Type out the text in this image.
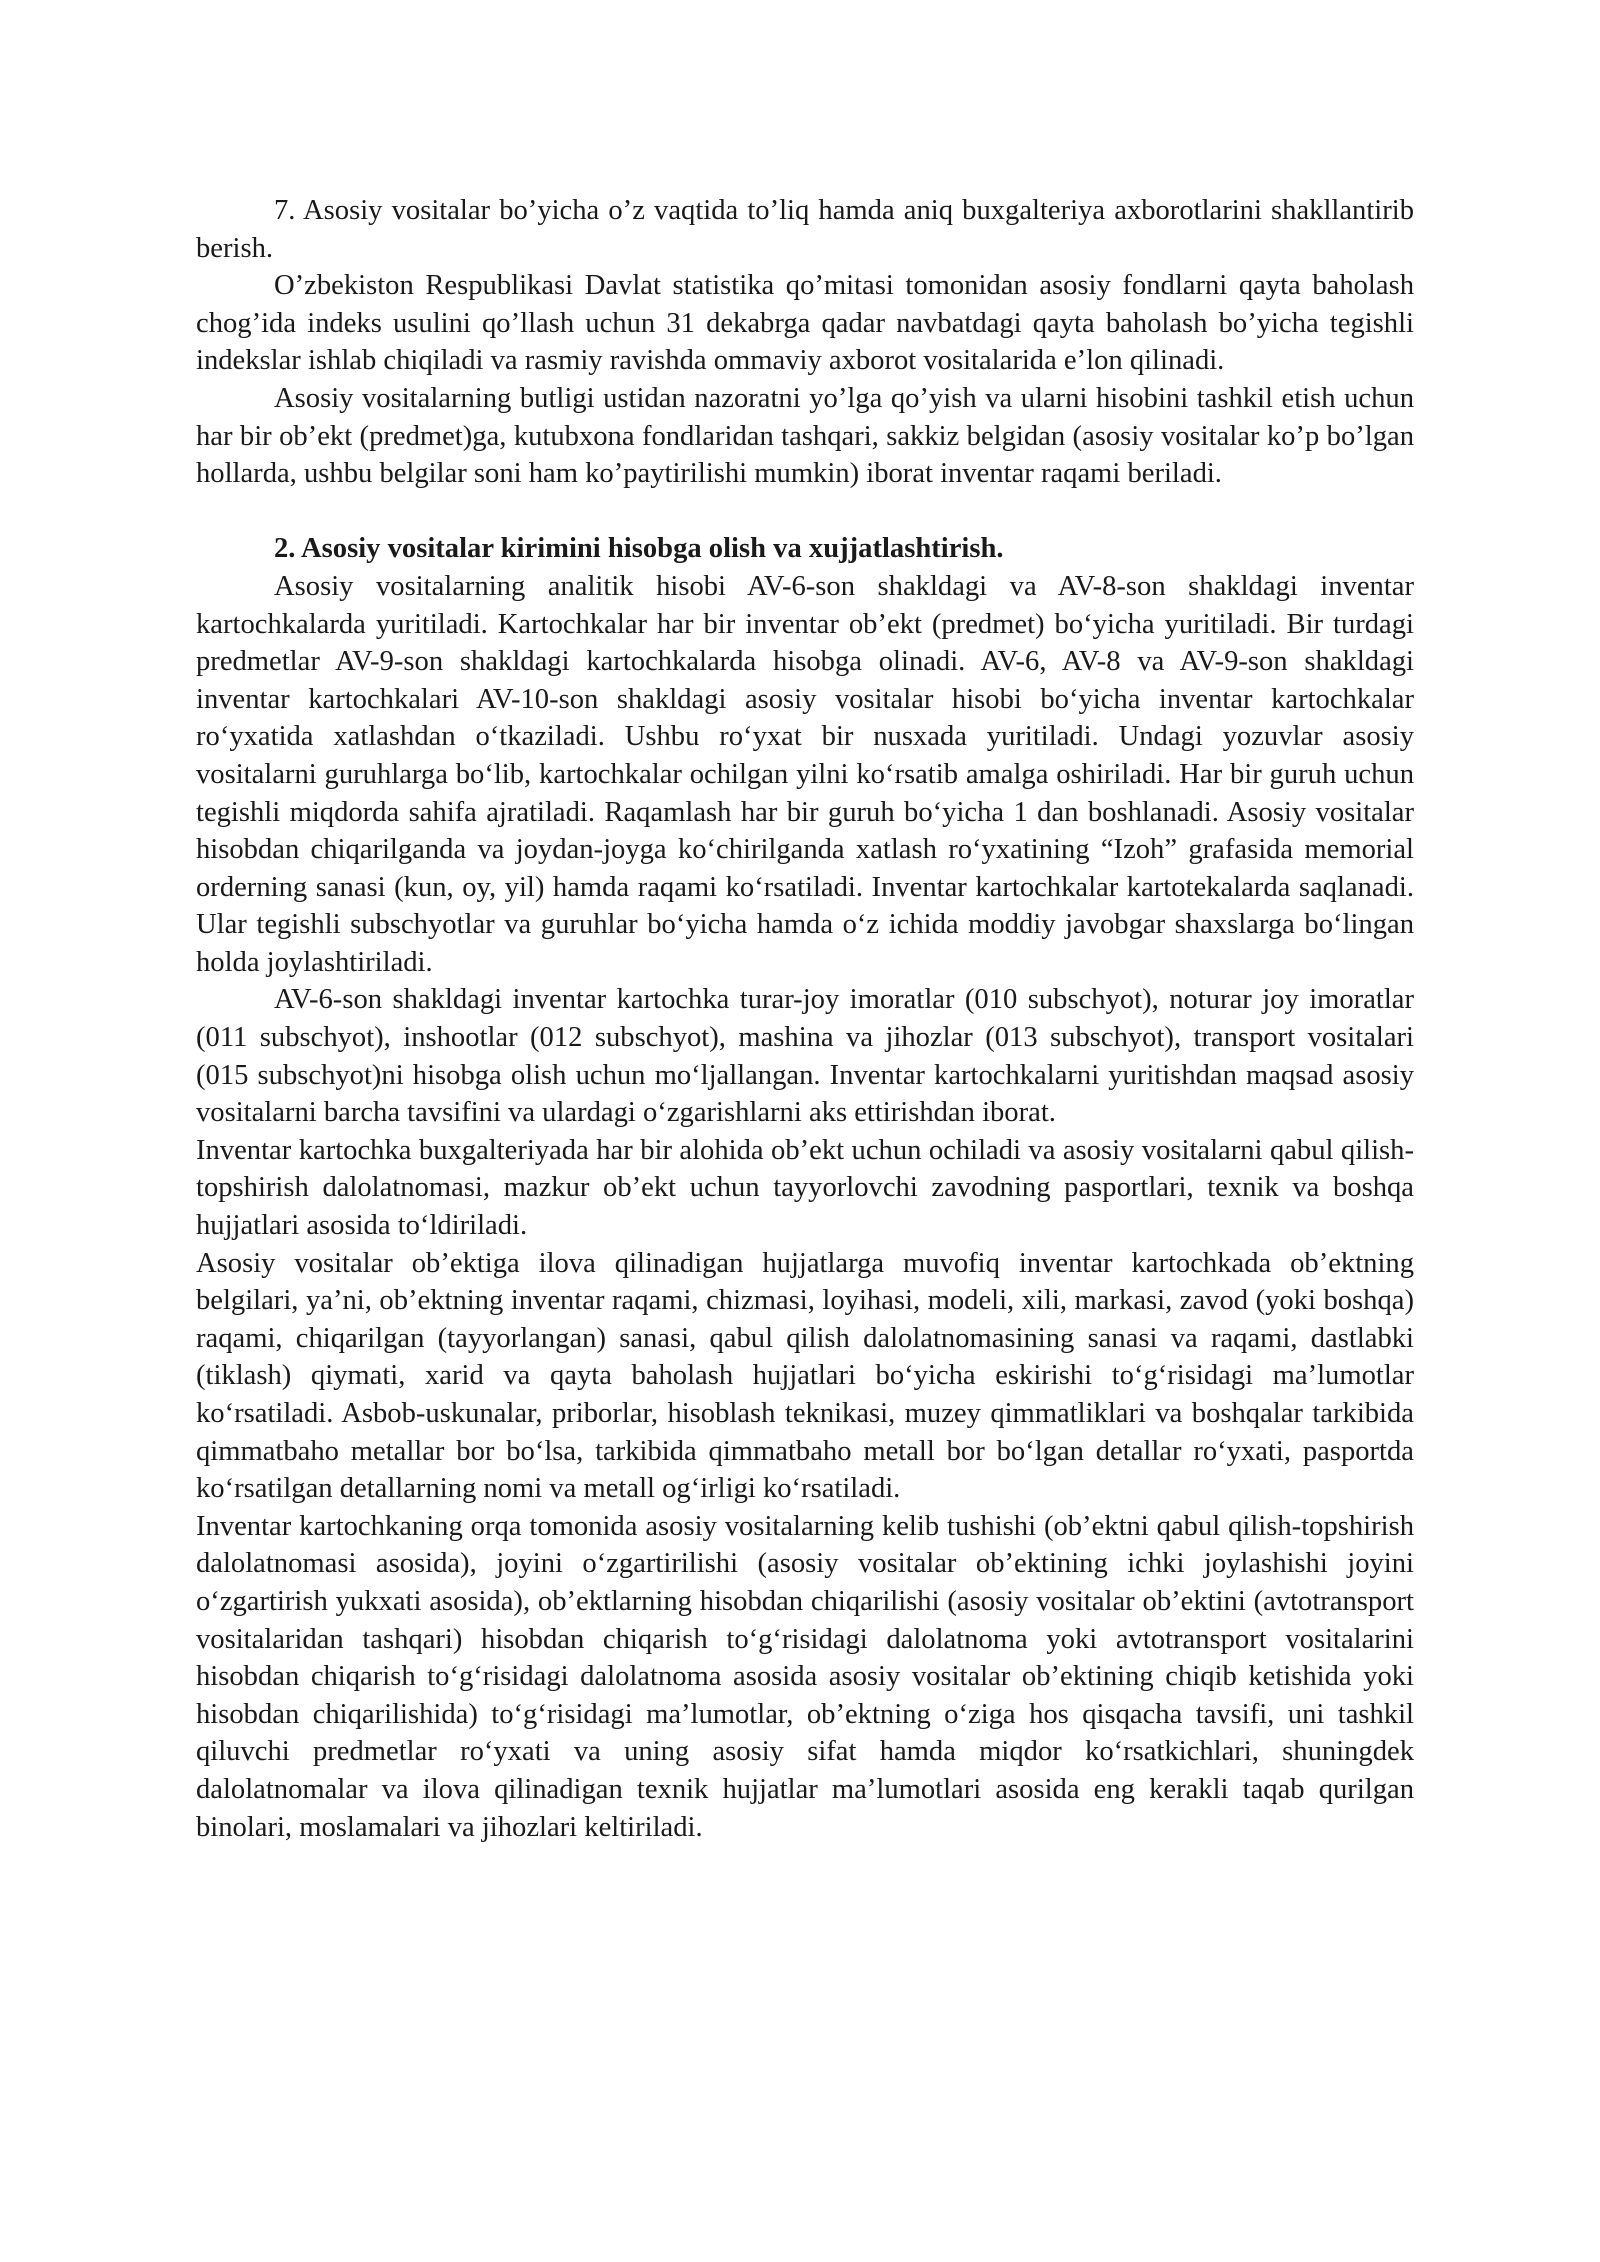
7. Asosiy vositalar bo’yicha o’z vaqtida to’liq hamda aniq buxgalteriya axborotlarini shakllantirib berish.

O’zbekiston Respublikasi Davlat statistika qo’mitasi tomonidan asosiy fondlarni qayta baholash chog’ida indeks usulini qo’llash uchun 31 dekabrga qadar navbatdagi qayta baholash bo’yicha tegishli indekslar ishlab chiqiladi va rasmiy ravishda ommaviy axborot vositalarida e’lon qilinadi.

Asosiy vositalarning butligi ustidan nazoratni yo’lga qo’yish va ularni hisobini tashkil etish uchun har bir ob’ekt (predmet)ga, kutubxona fondlaridan tashqari, sakkiz belgidan (asosiy vositalar ko’p bo’lgan hollarda, ushbu belgilar soni ham ko’paytirilishi mumkin) iborat inventar raqami beriladi.

2. Asosiy vositalar kirimini hisobga olish va xujjatlashtirish.

Asosiy vositalarning analitik hisobi AV-6-son shakldagi va AV-8-son shakldagi inventar kartochkalarda yuritiladi. Kartochkalar har bir inventar ob’ekt (predmet) bo‘yicha yuritiladi. Bir turdagi predmetlar AV-9-son shakldagi kartochkalarda hisobga olinadi. AV-6, AV-8 va AV-9-son shakldagi inventar kartochkalari AV-10-son shakldagi asosiy vositalar hisobi bo‘yicha inventar kartochkalar ro‘yxatida xatlashdan o‘tkaziladi. Ushbu ro‘yxat bir nusxada yuritiladi. Undagi yozuvlar asosiy vositalarni guruhlarga bo‘lib, kartochkalar ochilgan yilni ko‘rsatib amalga oshiriladi. Har bir guruh uchun tegishli miqdorda sahifa ajratiladi. Raqamlash har bir guruh bo‘yicha 1 dan boshlanadi. Asosiy vositalar hisobdan chiqarilganda va joydan-joyga ko‘chirilganda xatlash ro‘yxatining “Izoh” grafasida memorial orderning sanasi (kun, oy, yil) hamda raqami ko‘rsatiladi. Inventar kartochkalar kartotekalarda saqlanadi. Ular tegishli subschyotlar va guruhlar bo‘yicha hamda o‘z ichida moddiy javobgar shaxslarga bo‘lingan holda joylashtiriladi.

AV-6-son shakldagi inventar kartochka turar-joy imoratlar (010 subschyot), noturar joy imoratlar (011 subschyot), inshootlar (012 subschyot), mashina va jihozlar (013 subschyot), transport vositalari (015 subschyot)ni hisobga olish uchun mo‘ljallangan. Inventar kartochkalarni yuritishdan maqsad asosiy vositalarni barcha tavsifini va ulardagi o‘zgarishlarni aks ettirishdan iborat.

Inventar kartochka buxgalteriyada har bir alohida ob’ekt uchun ochiladi va asosiy vositalarni qabul qilish-topshirish dalolatnomasi, mazkur ob’ekt uchun tayyorlovchi zavodning pasportlari, texnik va boshqa hujjatlari asosida to‘ldiriladi.

Asosiy vositalar ob’ektiga ilova qilinadigan hujjatlarga muvofiq inventar kartochkada ob’ektning belgilari, ya’ni, ob’ektning inventar raqami, chizmasi, loyihasi, modeli, xili, markasi, zavod (yoki boshqa) raqami, chiqarilgan (tayyorlangan) sanasi, qabul qilish dalolatnomasining sanasi va raqami, dastlabki (tiklash) qiymati, xarid va qayta baholash hujjatlari bo‘yicha eskirishi to‘g‘risidagi ma’lumotlar ko‘rsatiladi. Asbob-uskunalar, priborlar, hisoblash teknikasi, muzey qimmatliklari va boshqalar tarkibida qimmatbaho metallar bor bo‘lsa, tarkibida qimmatbaho metall bor bo‘lgan detallar ro‘yxati, pasportda ko‘rsatilgan detallarning nomi va metall og‘irligi ko‘rsatiladi.

Inventar kartochkaning orqa tomonida asosiy vositalarning kelib tushishi (ob’ektni qabul qilish-topshirish dalolatnomasi asosida), joyini o‘zgartirilishi (asosiy vositalar ob’ektining ichki joylashishi joyini o‘zgartirish yukxati asosida), ob’ektlarning hisobdan chiqarilishi (asosiy vositalar ob’ektini (avtotransport vositalaridan tashqari) hisobdan chiqarish to‘g‘risidagi dalolatnoma yoki avtotransport vositalarini hisobdan chiqarish to‘g‘risidagi dalolatnoma asosida asosiy vositalar ob’ektining chiqib ketishida yoki hisobdan chiqarilishida) to‘g‘risidagi ma’lumotlar, ob’ektning o‘ziga hos qisqacha tavsifi, uni tashkil qiluvchi predmetlar ro‘yxati va uning asosiy sifat hamda miqdor ko‘rsatkichlari, shuningdek dalolatnomalar va ilova qilinadigan texnik hujjatlar ma’lumotlari asosida eng kerakli taqab qurilgan binolari, moslamalari va jihozlari keltiriladi.
